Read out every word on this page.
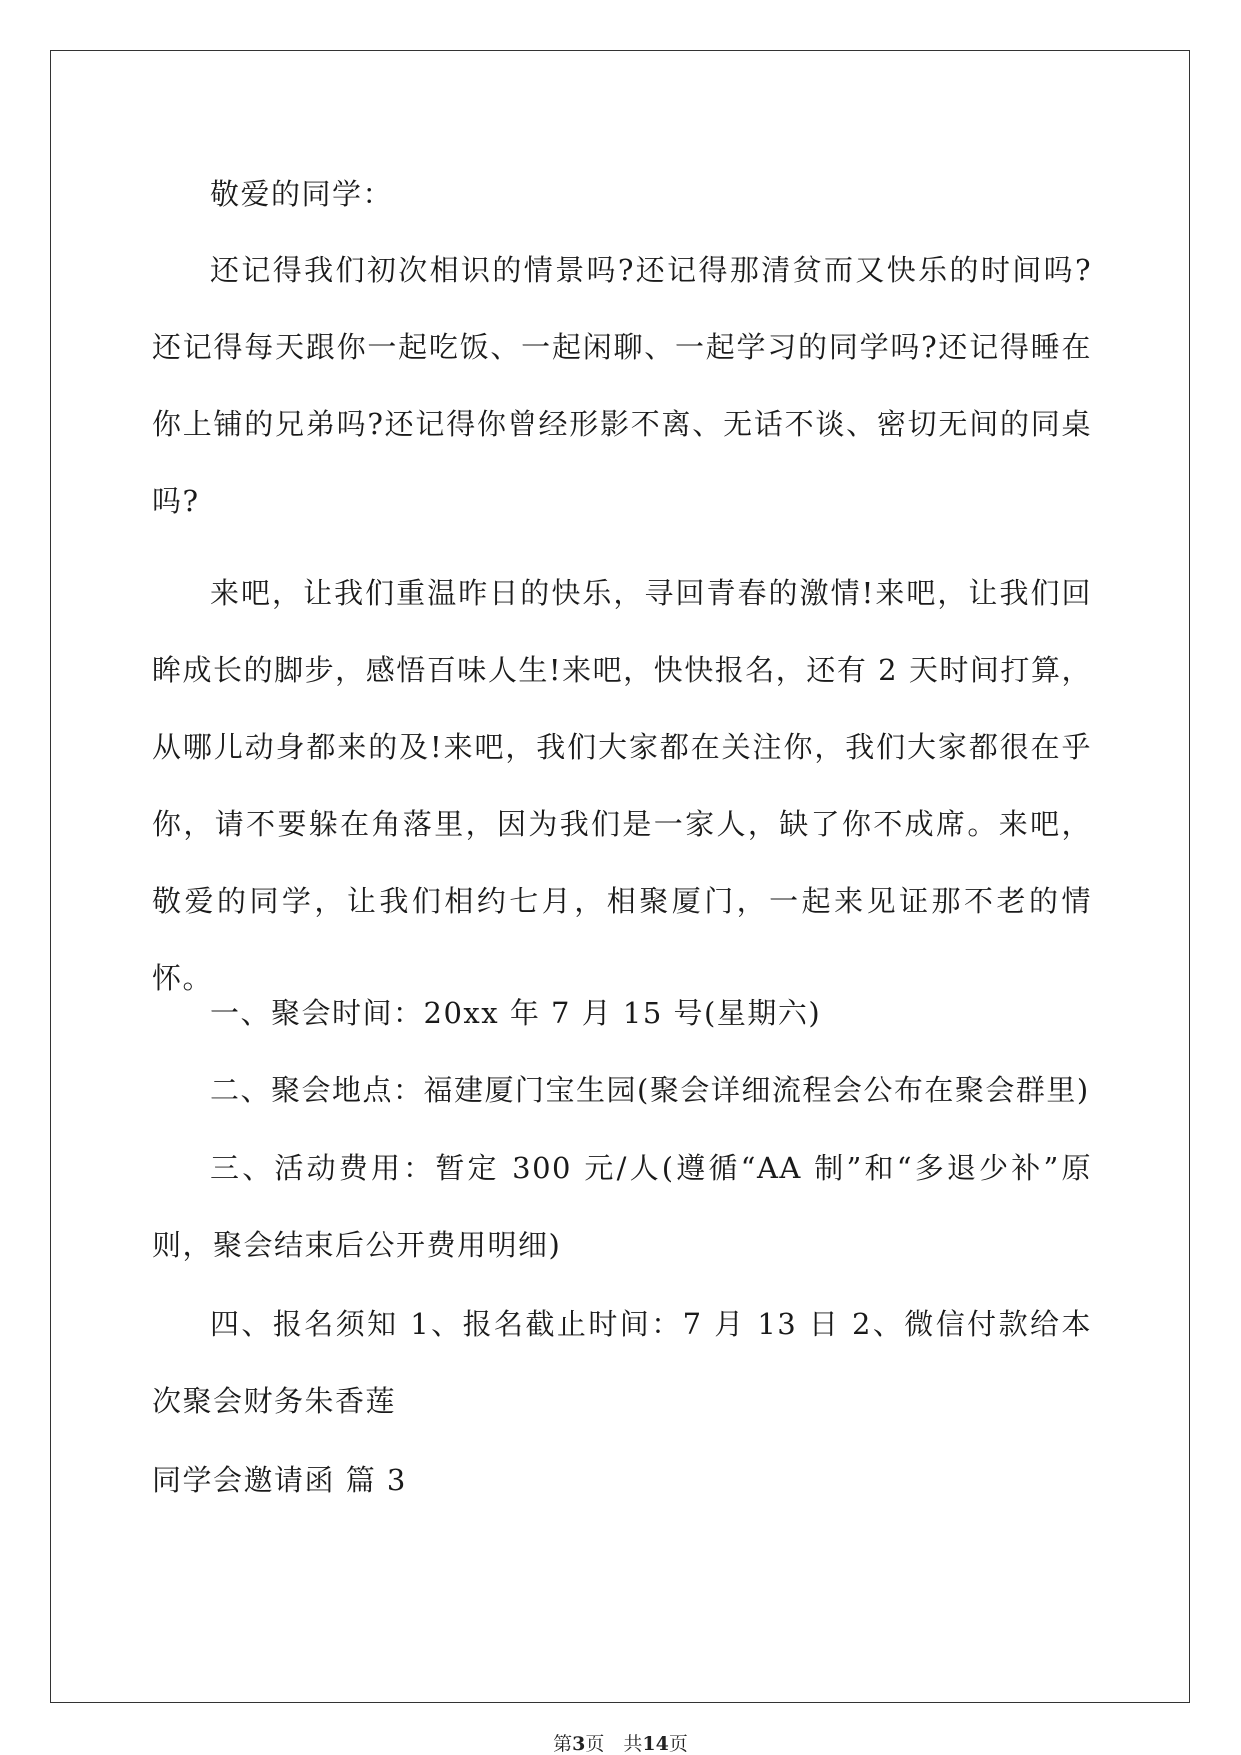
敬爱的同学：

还记得我们初次相识的情景吗?还记得那清贫而又快乐的时间吗?还记得每天跟你一起吃饭、一起闲聊、一起学习的同学吗?还记得睡在你上铺的兄弟吗?还记得你曾经形影不离、无话不谈、密切无间的同桌吗?

来吧，让我们重温昨日的快乐，寻回青春的激情!来吧，让我们回眸成长的脚步，感悟百味人生!来吧，快快报名，还有 2 天时间打算，从哪儿动身都来的及!来吧，我们大家都在关注你，我们大家都很在乎你，请不要躲在角落里，因为我们是一家人，缺了你不成席。来吧，敬爱的同学，让我们相约七月，相聚厦门，一起来见证那不老的情怀。

一、聚会时间：20xx 年 7 月 15 号(星期六)

二、聚会地点：福建厦门宝生园(聚会详细流程会公布在聚会群里)

三、活动费用：暂定 300 元/人(遵循“AA 制”和“多退少补”原则，聚会结束后公开费用明细)

四、报名须知 1、报名截止时间：7 月 13 日 2、微信付款给本次聚会财务朱香莲

同学会邀请函 篇 3

第3页　共14页
